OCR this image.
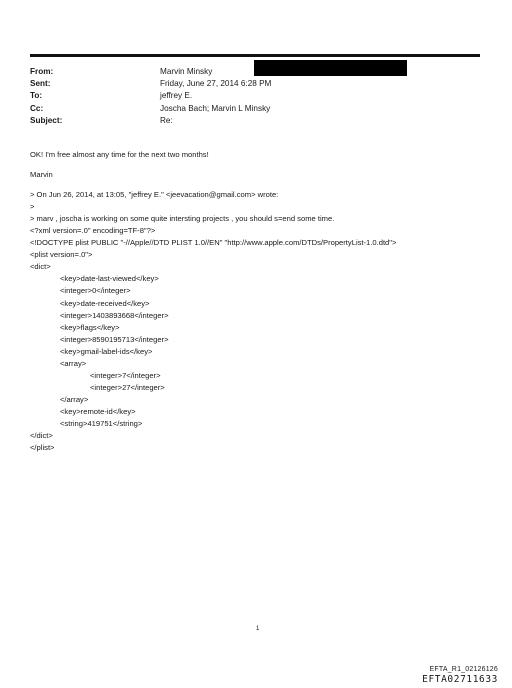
From:	Marvin Minsky
Sent:	Friday, June 27, 2014 6:28 PM
To:	jeffrey E.
Cc:	Joscha Bach; Marvin L Minsky
Subject:	Re:
OK! I'm free almost any time for the next two months!
Marvin
> On Jun 26, 2014, at 13:05, "jeffrey E." <jeevacation@gmail.com> wrote:
>
> marv , joscha is working on some quite intersting projects , you should s=end some time.
<?xml version=.0" encoding=TF-8"?>
<!DOCTYPE plist PUBLIC "-//Apple//DTD PLIST 1.0//EN" "http://www.apple.com/DTDs/PropertyList-1.0.dtd">
<plist version=.0">
<dict>
<key>date-last-viewed</key>
<integer>0</integer>
<key>date-received</key>
<integer>1403893668</integer>
<key>flags</key>
<integer>8590195713</integer>
<key>gmail-label-ids</key>
<array>
<integer>7</integer>
<integer>27</integer>
</array>
<key>remote-id</key>
<string>419751</string>
</dict>
</plist>
1
EFTA_R1_02126126
EFTA02711633
